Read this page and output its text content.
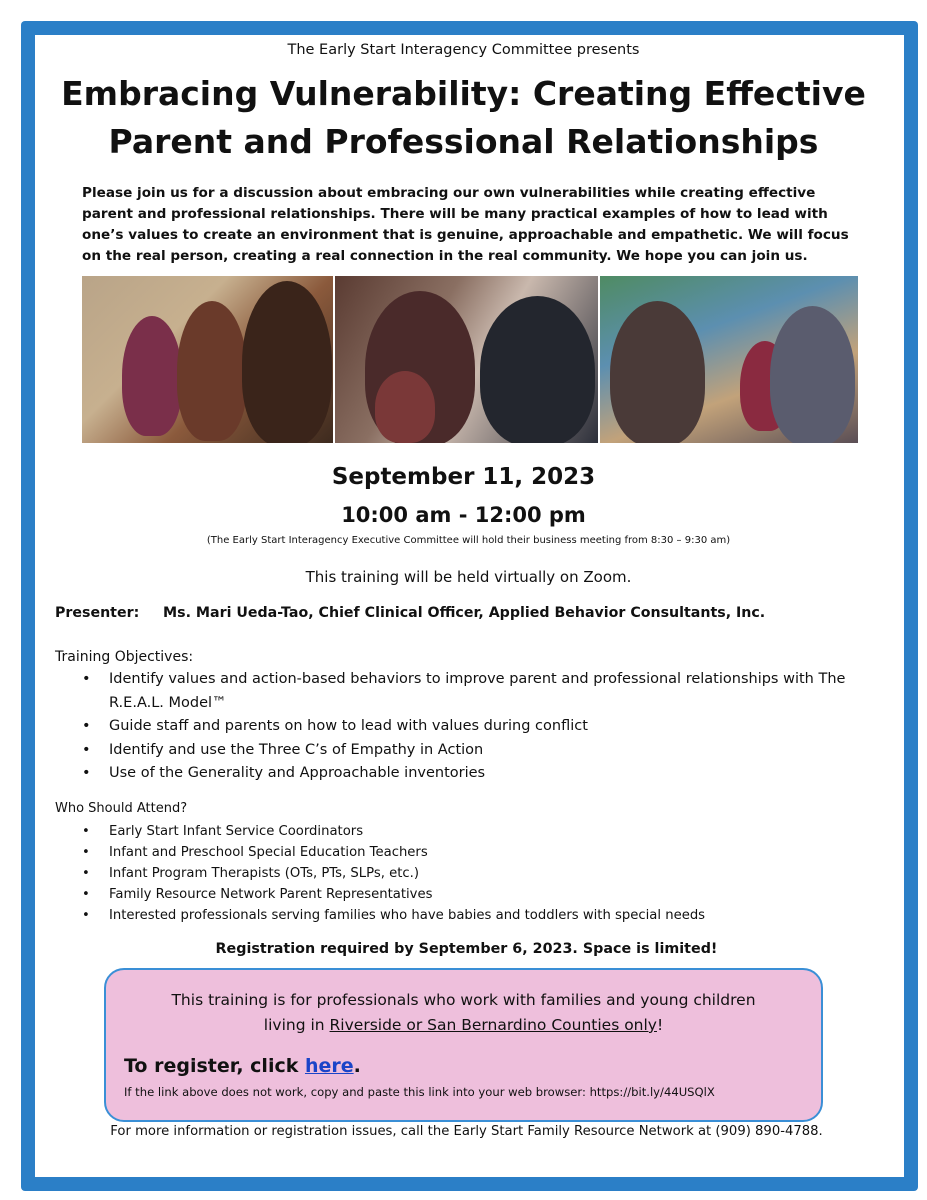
The Early Start Interagency Committee presents
Embracing Vulnerability: Creating Effective
Parent and Professional Relationships
Please join us for a discussion about embracing our own vulnerabilities while creating effective parent and professional relationships. There will be many practical examples of how to lead with one’s values to create an environment that is genuine, approachable and empathetic. We will focus on the real person, creating a real connection in the real community. We hope you can join us.
September 11, 2023
10:00 am - 12:00 pm
(The Early Start Interagency Executive Committee will hold their business meeting from 8:30 – 9:30 am)
This training will be held virtually on Zoom.
Presenter: Ms. Mari Ueda-Tao, Chief Clinical Officer, Applied Behavior Consultants, Inc.
Training Objectives:
• Identify values and action-based behaviors to improve parent and professional relationships with The R.E.A.L. Model™
• Guide staff and parents on how to lead with values during conflict
• Identify and use the Three C’s of Empathy in Action
• Use of the Generality and Approachable inventories
Who Should Attend?
• Early Start Infant Service Coordinators
• Infant and Preschool Special Education Teachers
• Infant Program Therapists (OTs, PTs, SLPs, etc.)
• Family Resource Network Parent Representatives
• Interested professionals serving families who have babies and toddlers with special needs
Registration required by September 6, 2023. Space is limited!
This training is for professionals who work with families and young children
living in Riverside or San Bernardino Counties only!
To register, click here.
If the link above does not work, copy and paste this link into your web browser: https://bit.ly/44USQlX
For more information or registration issues, call the Early Start Family Resource Network at (909) 890-4788.
